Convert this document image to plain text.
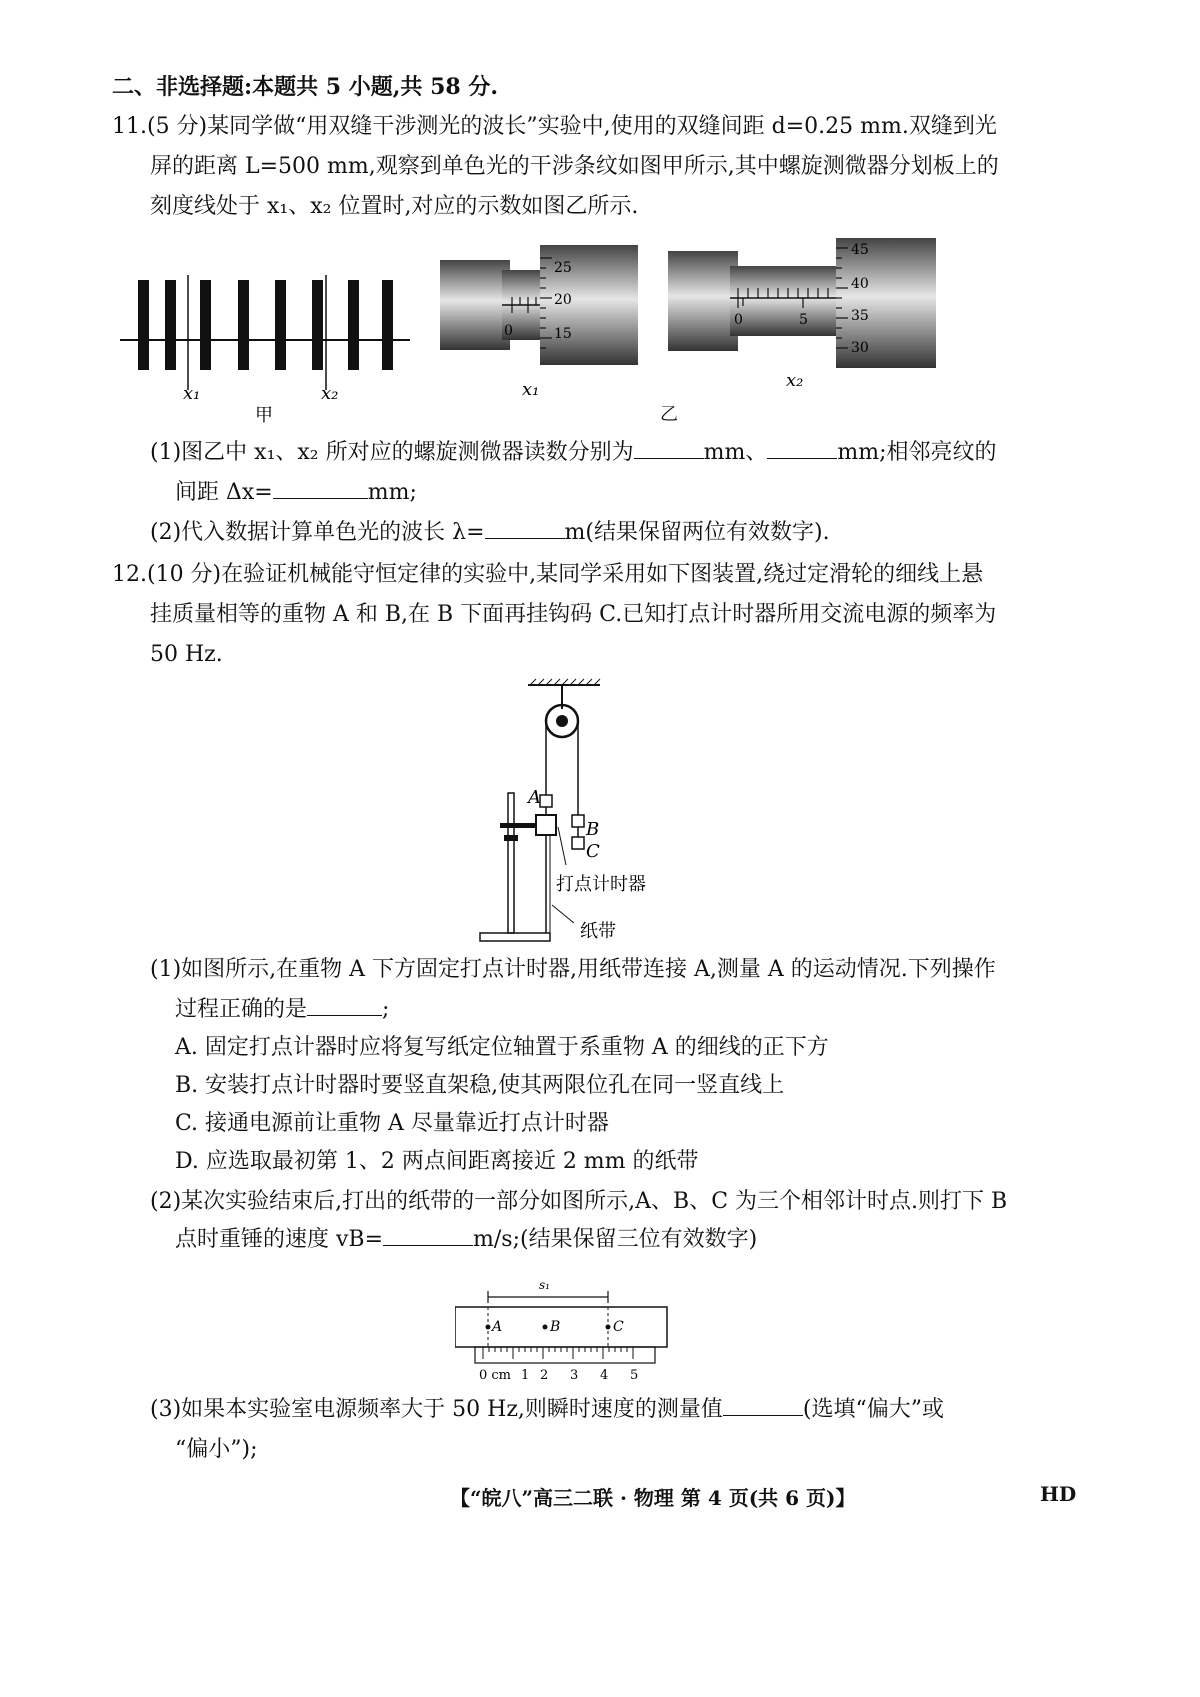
二、非选择题:本题共 5 小题,共 58 分.
11.(5 分)某同学做“用双缝干涉测光的波长”实验中,使用的双缝间距 d=0.25 mm.双缝到光
屏的距离 L=500 mm,观察到单色光的干涉条纹如图甲所示,其中螺旋测微器分划板上的
刻度线处于 x₁、x₂ 位置时,对应的示数如图乙所示.
x₁	x₂
甲
0
25
20
15
x₁
0	5
45
40
35
30
x₂
乙
(1)图乙中 x₁、x₂ 所对应的螺旋测微器读数分别为	mm、	mm;相邻亮纹的
间距 Δx=	mm;
(2)代入数据计算单色光的波长 λ=	m(结果保留两位有效数字).
12.(10 分)在验证机械能守恒定律的实验中,某同学采用如下图装置,绕过定滑轮的细线上悬
挂质量相等的重物 A 和 B,在 B 下面再挂钩码 C.已知打点计时器所用交流电源的频率为
50 Hz.
A
B
C
打点计时器
纸带
(1)如图所示,在重物 A 下方固定打点计时器,用纸带连接 A,测量 A 的运动情况.下列操作
过程正确的是	;
A. 固定打点计器时应将复写纸定位轴置于系重物 A 的细线的正下方
B. 安装打点计时器时要竖直架稳,使其两限位孔在同一竖直线上
C. 接通电源前让重物 A 尽量靠近打点计时器
D. 应选取最初第 1、2 两点间距离接近 2 mm 的纸带
(2)某次实验结束后,打出的纸带的一部分如图所示,A、B、C 为三个相邻计时点.则打下 B
点时重锤的速度 vB=	m/s;(结果保留三位有效数字)
s₁
A	B	C
0 cm 1 2 3 4 5
(3)如果本实验室电源频率大于 50 Hz,则瞬时速度的测量值	(选填“偏大”或
“偏小”);
【“皖八”高三二联 · 物理 第 4 页(共 6 页)】	HD
